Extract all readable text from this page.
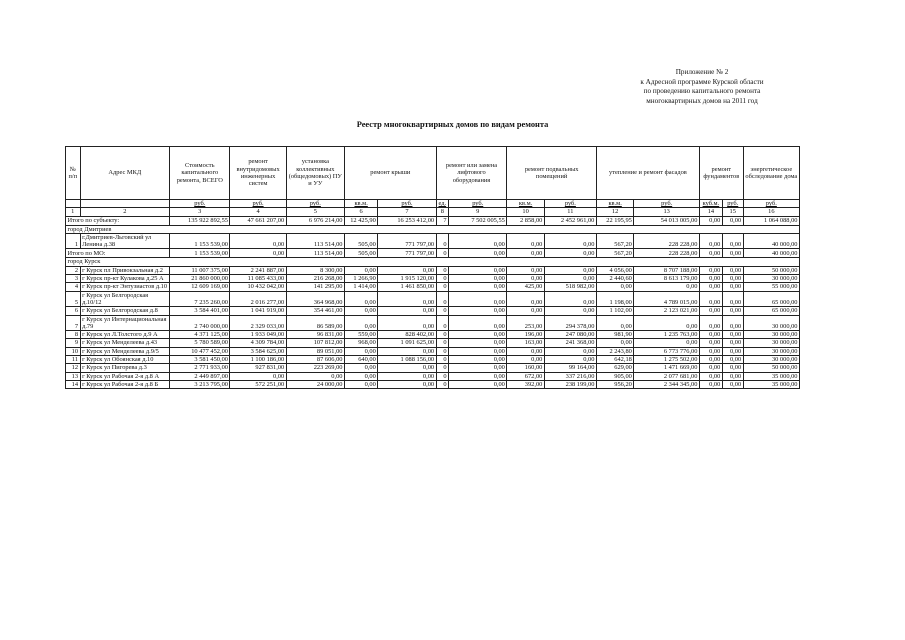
Приложение № 2
к Адресной программе Курской области
по проведению капитального ремонта
многоквартирных домов на 2011 год
Реестр многоквартирных домов по видам ремонта
№ п/п	Адрес МКД	Стоимость капитального ремонта, ВСЕГО	ремонт внутридомовых инженерных систем	установка коллективных (общедомовых) ПУ и УУ	ремонт крыши		ремонт или замена лифтового оборудования		ремонт подвальных помещений		утепление и ремонт фасадов		ремонт фундаментов		энергетическое обследование дома
		руб.	руб.	руб.	кв.м.	руб.	ед.	руб.	кв.м.	руб.	кв.м.	руб.	куб.м.	руб.	руб.
1	2	3	4	5	6	7	8	9	10	11	12	13	14	15	16
Итого по субъекту:		135 922 892,55	47 661 207,00	6 976 214,00	12 425,90	16 253 412,00	7	7 502 005,55	2 858,00	2 452 961,00	22 195,95	54 013 005,00	0,00	0,00	1 064 088,00
город Дмитриев															
1	г.Дмитриев-Льговский ул Ленина д.38	1 153 539,00	0,00	113 514,00	505,00	771 797,00	0	0,00	0,00	0,00	567,20	228 228,00	0,00	0,00	40 000,00
Итого по МО:		1 153 539,00	0,00	113 514,00	505,00	771 797,00	0	0,00	0,00	0,00	567,20	228 228,00	0,00	0,00	40 000,00
город Курск															
2	г Курск пл Привокзальная д.2	11 007 375,00	2 241 887,00	8 300,00	0,00	0,00	0	0,00	0,00	0,00	4 056,00	8 707 188,00	0,00	0,00	50 000,00
3	г Курск пр-кт Кулакова д.25 А	21 860 000,00	11 085 433,00	216 268,00	1 266,90	1 915 120,00	0	0,00	0,00	0,00	2 440,60	8 613 179,00	0,00	0,00	30 000,00
4	г Курск пр-кт Энтузиастов д.10	12 609 169,00	10 432 042,00	141 295,00	1 414,00	1 461 850,00	0	0,00	425,00	518 982,00	0,00	0,00	0,00	0,00	55 000,00
5	г Курск ул Белгородская д.10/12	7 235 260,00	2 016 277,00	364 968,00	0,00	0,00	0	0,00	0,00	0,00	1 198,00	4 789 015,00	0,00	0,00	65 000,00
6	г Курск ул Белгородская д.8	3 584 401,00	1 041 919,00	354 461,00	0,00	0,00	0	0,00	0,00	0,00	1 102,00	2 123 021,00	0,00	0,00	65 000,00
7	г Курск ул Интернациональная д.79	2 740 000,00	2 329 033,00	86 589,00	0,00	0,00	0	0,00	253,00	294 378,00	0,00	0,00	0,00	0,00	30 000,00
8	г Курск ул Л.Толстого д.9 А	4 371 125,00	1 933 049,00	96 831,00	559,00	828 402,00	0	0,00	196,00	247 080,00	981,90	1 235 763,00	0,00	0,00	30 000,00
9	г Курск ул Менделеева д.43	5 780 589,00	4 309 784,00	107 812,00	968,00	1 091 625,00	0	0,00	163,00	241 368,00	0,00	0,00	0,00	0,00	30 000,00
10	г Курск ул Менделеева д.9/5	10 477 452,00	3 584 625,00	89 051,00	0,00	0,00	0	0,00	0,00	0,00	2 243,80	6 773 776,00	0,00	0,00	30 000,00
11	г Курск ул Обоянская д.10	3 581 450,00	1 100 186,00	87 606,00	640,00	1 088 156,00	0	0,00	0,00	0,00	642,18	1 275 502,00	0,00	0,00	30 000,00
12	г Курск ул Пигорева д.3	2 771 933,00	927 831,00	223 269,00	0,00	0,00	0	0,00	160,00	99 164,00	629,00	1 471 669,00	0,00	0,00	50 000,00
13	г Курск ул Рабочая 2-я д.8 А	2 449 897,00	0,00	0,00	0,00	0,00	0	0,00	672,00	337 216,00	905,00	2 077 681,00	0,00	0,00	35 000,00
14	г Курск ул Рабочая 2-я д.8 Б	3 213 795,00	572 251,00	24 000,00	0,00	0,00	0	0,00	392,00	238 199,00	956,20	2 344 345,00	0,00	0,00	35 000,00
